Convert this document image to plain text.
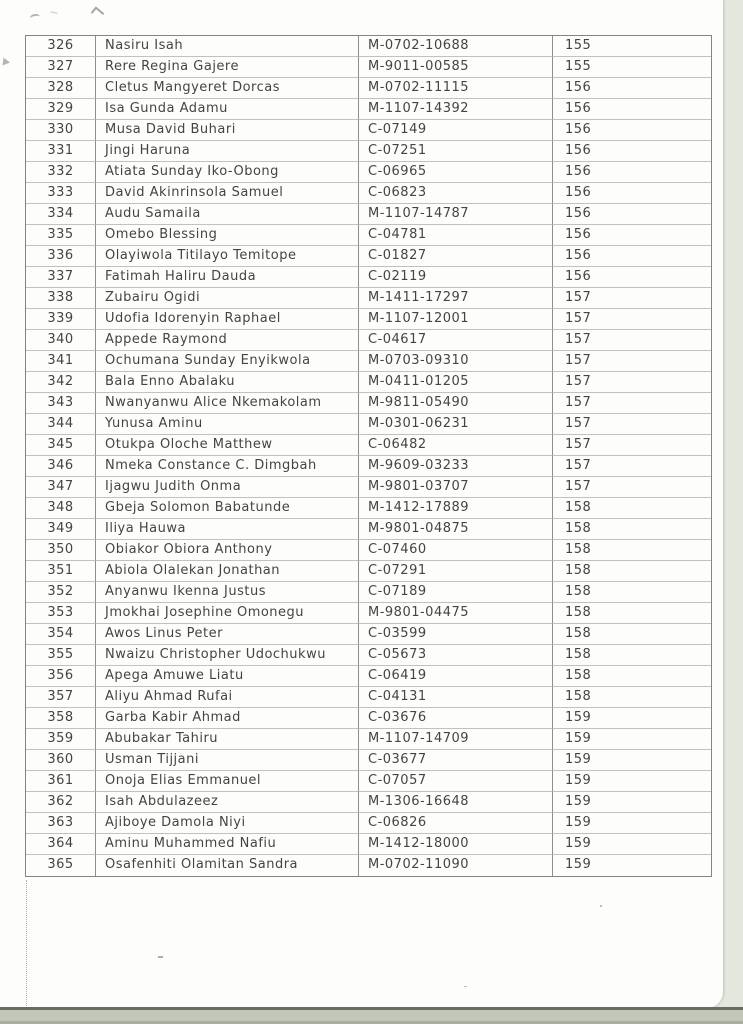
326	Nasiru Isah	M-0702-10688	155
327	Rere Regina Gajere	M-9011-00585	155
328	Cletus Mangyeret Dorcas	M-0702-11115	156
329	Isa Gunda Adamu	M-1107-14392	156
330	Musa David Buhari	C-07149	156
331	Jingi Haruna	C-07251	156
332	Atiata Sunday Iko-Obong	C-06965	156
333	David Akinrinsola Samuel	C-06823	156
334	Audu Samaila	M-1107-14787	156
335	Omebo Blessing	C-04781	156
336	Olayiwola Titilayo Temitope	C-01827	156
337	Fatimah Haliru Dauda	C-02119	156
338	Zubairu Ogidi	M-1411-17297	157
339	Udofia Idorenyin Raphael	M-1107-12001	157
340	Appede Raymond	C-04617	157
341	Ochumana Sunday Enyikwola	M-0703-09310	157
342	Bala Enno Abalaku	M-0411-01205	157
343	Nwanyanwu Alice Nkemakolam	M-9811-05490	157
344	Yunusa Aminu	M-0301-06231	157
345	Otukpa Oloche Matthew	C-06482	157
346	Nmeka Constance C. Dimgbah	M-9609-03233	157
347	Ijagwu Judith Onma	M-9801-03707	157
348	Gbeja Solomon Babatunde	M-1412-17889	158
349	Iliya Hauwa	M-9801-04875	158
350	Obiakor Obiora Anthony	C-07460	158
351	Abiola Olalekan Jonathan	C-07291	158
352	Anyanwu Ikenna Justus	C-07189	158
353	Jmokhai Josephine Omonegu	M-9801-04475	158
354	Awos Linus Peter	C-03599	158
355	Nwaizu Christopher Udochukwu	C-05673	158
356	Apega Amuwe Liatu	C-06419	158
357	Aliyu Ahmad Rufai	C-04131	158
358	Garba Kabir Ahmad	C-03676	159
359	Abubakar Tahiru	M-1107-14709	159
360	Usman Tijjani	C-03677	159
361	Onoja Elias Emmanuel	C-07057	159
362	Isah Abdulazeez	M-1306-16648	159
363	Ajiboye Damola Niyi	C-06826	159
364	Aminu Muhammed Nafiu	M-1412-18000	159
365	Osafenhiti Olamitan Sandra	M-0702-11090	159
